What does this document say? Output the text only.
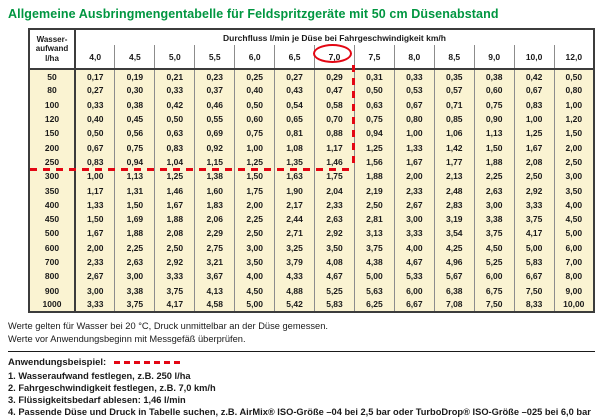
Allgemeine Ausbringmengentabelle für Feldspritzgeräte mit 50 cm Düsenabstand
Wasser-
aufwand
l/ha	Durchfluss l/min je Düse bei Fahrgeschwindigkeit km/h												
	4,0	4,5	5,0	5,5	6,0	6,5	7,0	7,5	8,0	8,5	9,0	10,0	12,0
50	0,17	0,19	0,21	0,23	0,25	0,27	0,29	0,31	0,33	0,35	0,38	0,42	0,50
80	0,27	0,30	0,33	0,37	0,40	0,43	0,47	0,50	0,53	0,57	0,60	0,67	0,80
100	0,33	0,38	0,42	0,46	0,50	0,54	0,58	0,63	0,67	0,71	0,75	0,83	1,00
120	0,40	0,45	0,50	0,55	0,60	0,65	0,70	0,75	0,80	0,85	0,90	1,00	1,20
150	0,50	0,56	0,63	0,69	0,75	0,81	0,88	0,94	1,00	1,06	1,13	1,25	1,50
200	0,67	0,75	0,83	0,92	1,00	1,08	1,17	1,25	1,33	1,42	1,50	1,67	2,00
250	0,83	0,94	1,04	1,15	1,25	1,35	1,46	1,56	1,67	1,77	1,88	2,08	2,50
300	1,00	1,13	1,25	1,38	1,50	1,63	1,75	1,88	2,00	2,13	2,25	2,50	3,00
350	1,17	1,31	1,46	1,60	1,75	1,90	2,04	2,19	2,33	2,48	2,63	2,92	3,50
400	1,33	1,50	1,67	1,83	2,00	2,17	2,33	2,50	2,67	2,83	3,00	3,33	4,00
450	1,50	1,69	1,88	2,06	2,25	2,44	2,63	2,81	3,00	3,19	3,38	3,75	4,50
500	1,67	1,88	2,08	2,29	2,50	2,71	2,92	3,13	3,33	3,54	3,75	4,17	5,00
600	2,00	2,25	2,50	2,75	3,00	3,25	3,50	3,75	4,00	4,25	4,50	5,00	6,00
700	2,33	2,63	2,92	3,21	3,50	3,79	4,08	4,38	4,67	4,96	5,25	5,83	7,00
800	2,67	3,00	3,33	3,67	4,00	4,33	4,67	5,00	5,33	5,67	6,00	6,67	8,00
900	3,00	3,38	3,75	4,13	4,50	4,88	5,25	5,63	6,00	6,38	6,75	7,50	9,00
1000	3,33	3,75	4,17	4,58	5,00	5,42	5,83	6,25	6,67	7,08	7,50	8,33	10,00
Werte gelten für Wasser bei 20 °C, Druck unmittelbar an der Düse gemessen.
Werte vor Anwendungsbeginn mit Messgefäß überprüfen.
Anwendungsbeispiel:
1. Wasseraufwand festlegen, z.B. 250 l/ha
2. Fahrgeschwindigkeit festlegen, z.B. 7,0 km/h
3. Flüssigkeitsbedarf ablesen: 1,46 l/min
4. Passende Düse und Druck in Tabelle suchen, z.B. AirMix® ISO-Größe –04 bei 2,5 bar oder TurboDrop® ISO-Größe –025 bei 6,0 bar
